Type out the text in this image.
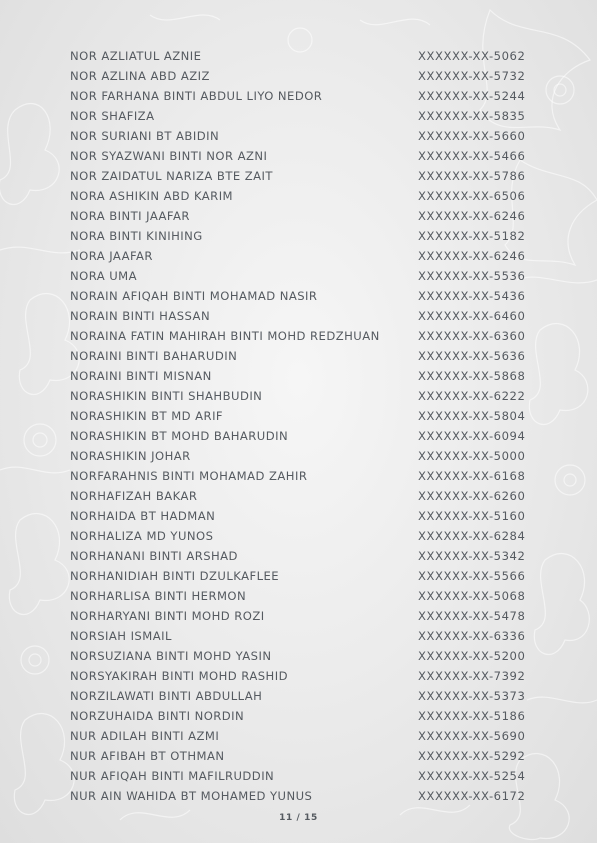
NOR AZLIATUL AZNIE	XXXXXX-XX-5062
NOR AZLINA ABD AZIZ	XXXXXX-XX-5732
NOR FARHANA BINTI ABDUL LIYO NEDOR	XXXXXX-XX-5244
NOR SHAFIZA	XXXXXX-XX-5835
NOR SURIANI BT ABIDIN	XXXXXX-XX-5660
NOR SYAZWANI BINTI NOR AZNI	XXXXXX-XX-5466
NOR ZAIDATUL NARIZA BTE ZAIT	XXXXXX-XX-5786
NORA ASHIKIN ABD KARIM	XXXXXX-XX-6506
NORA BINTI JAAFAR	XXXXXX-XX-6246
NORA BINTI KINIHING	XXXXXX-XX-5182
NORA JAAFAR	XXXXXX-XX-6246
NORA UMA	XXXXXX-XX-5536
NORAIN AFIQAH BINTI MOHAMAD NASIR	XXXXXX-XX-5436
NORAIN BINTI HASSAN	XXXXXX-XX-6460
NORAINA FATIN MAHIRAH BINTI MOHD REDZHUAN	XXXXXX-XX-6360
NORAINI BINTI BAHARUDIN	XXXXXX-XX-5636
NORAINI BINTI MISNAN	XXXXXX-XX-5868
NORASHIKIN BINTI SHAHBUDIN	XXXXXX-XX-6222
NORASHIKIN BT MD ARIF	XXXXXX-XX-5804
NORASHIKIN BT MOHD BAHARUDIN	XXXXXX-XX-6094
NORASHIKIN JOHAR	XXXXXX-XX-5000
NORFARAHNIS BINTI MOHAMAD ZAHIR	XXXXXX-XX-6168
NORHAFIZAH BAKAR	XXXXXX-XX-6260
NORHAIDA BT HADMAN	XXXXXX-XX-5160
NORHALIZA MD YUNOS	XXXXXX-XX-6284
NORHANANI BINTI ARSHAD	XXXXXX-XX-5342
NORHANIDIAH BINTI DZULKAFLEE	XXXXXX-XX-5566
NORHARLISA BINTI HERMON	XXXXXX-XX-5068
NORHARYANI BINTI MOHD ROZI	XXXXXX-XX-5478
NORSIAH ISMAIL	XXXXXX-XX-6336
NORSUZIANA BINTI MOHD YASIN	XXXXXX-XX-5200
NORSYAKIRAH BINTI MOHD RASHID	XXXXXX-XX-7392
NORZILAWATI BINTI ABDULLAH	XXXXXX-XX-5373
NORZUHAIDA BINTI NORDIN	XXXXXX-XX-5186
NUR ADILAH BINTI AZMI	XXXXXX-XX-5690
NUR AFIBAH BT OTHMAN	XXXXXX-XX-5292
NUR AFIQAH BINTI MAFILRUDDIN	XXXXXX-XX-5254
NUR AIN WAHIDA BT MOHAMED YUNUS	XXXXXX-XX-6172
11 / 15
